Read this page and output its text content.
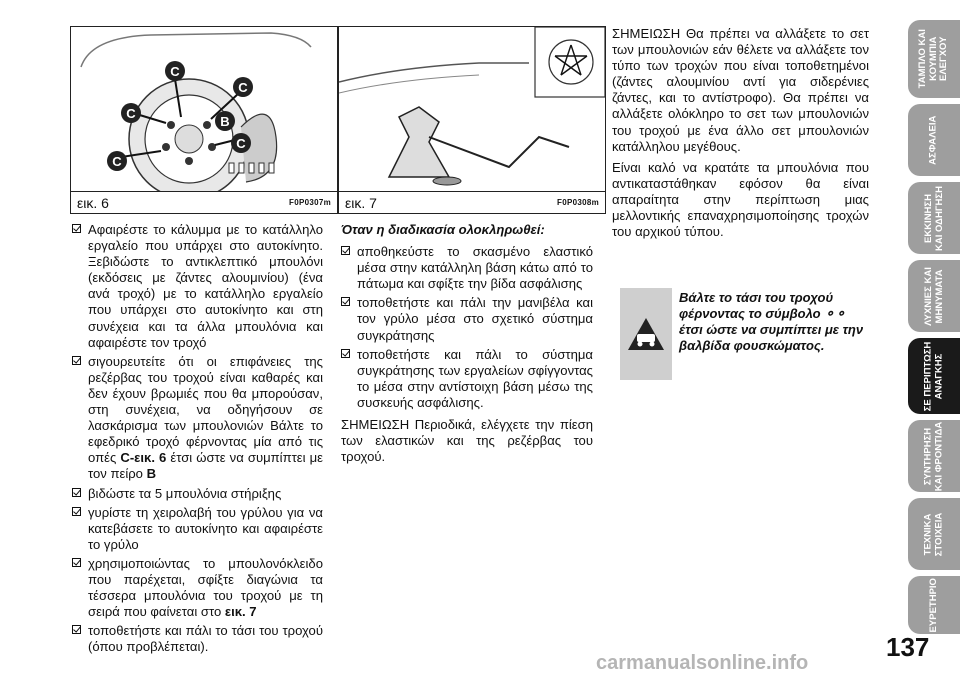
C
C
C
C
C
B
εικ. 6	F0P0307m εικ. 7	F0P0308m
Αφαιρέστε το κάλυμμα με το κατάλληλο εργαλείο που υπάρχει στο αυτοκίνητο. Ξεβιδώστε το αντικλεπτικό μπουλόνι (εκδόσεις με ζάντες αλουμινίου) (ένα ανά τροχό) με το κατάλληλο εργαλείο που υπάρχει στο αυτοκίνητο και στη συνέχεια και τα άλλα μπουλόνια και αφαιρέστε τον τροχό
σιγουρευτείτε ότι οι επιφάνειες της ρεζέρβας του τροχού είναι καθαρές και δεν έχουν βρωμιές που θα μπορούσαν, στη συνέχεια, να οδηγήσουν σε λασκάρισμα των μπουλονιών Βάλτε το εφεδρικό τροχό φέρνοντας μία από τις οπές C-εικ. 6 έτσι ώστε να συμπίπτει με τον πείρο B
βιδώστε τα 5 μπουλόνια στήριξης
γυρίστε τη χειρολαβή του γρύλου για να κατεβάσετε το αυτοκίνητο και αφαιρέστε το γρύλο
χρησιμοποιώντας το μπουλονόκλειδο που παρέχεται, σφίξτε διαγώνια τα τέσσερα μπουλόνια του τροχού με τη σειρά που φαίνεται στο εικ. 7
τοποθετήστε και πάλι το τάσι του τροχού (όπου προβλέπεται).
Όταν η διαδικασία ολοκληρωθεί:
αποθηκεύστε το σκασμένο ελαστικό μέσα στην κατάλληλη βάση κάτω από το πάτωμα και σφίξτε την βίδα ασφάλισης
τοποθετήστε και πάλι την μανιβέλα και τον γρύλο μέσα στο σχετικό σύστημα συγκράτησης
τοποθετήστε και πάλι το σύστημα συγκράτησης των εργαλείων σφίγγοντας το μέσα στην αντίστοιχη βάση μέσω της συσκευής ασφάλισης.

ΣΗΜΕΙΩΣΗ Περιοδικά, ελέγχετε την πίεση των ελαστικών και της ρεζέρβας του τροχού.

ΣΗΜΕΙΩΣΗ Θα πρέπει να αλλάξετε το σετ των μπουλονιών εάν θέλετε να αλλάξετε τον τύπο των τροχών που είναι τοποθετημένοι (ζάντες αλουμινίου αντί για σιδερένιες ζάντες, και το αντίστροφο). Θα πρέπει να αλλάξετε ολόκληρο το σετ των μπουλονιών του τροχού με ένα άλλο σετ μπουλονιών κατάλληλου μεγέθους.

Είναι καλό να κρατάτε τα μπουλόνια που αντικαταστάθηκαν εφόσον θα είναι απαραίτητα στην περίπτωση μιας μελλοντικής επαναχρησιμοποίησης τροχών του αρχικού τύπου.

Βάλτε το τάσι του τροχού φέρνοντας το σύμβολο ⚬⚬ έτσι ώστε να συμπίπτει με την βαλβίδα φουσκώματος.
ΤΑΜΠΛΟ ΚΑΙ ΚΟΥΜΠΙΑ ΕΛΕΓΧΟΥ
ΑΣΦΑΛΕΙΑ
ΕΚΚΙΝΗΣΗ ΚΑΙ ΟΔΗΓΗΣΗ
ΛΥΧΝΙΕΣ ΚΑΙ ΜΗΝΥΜΑΤΑ
ΣΕ ΠΕΡΙΠΤΩΣΗ ΑΝΑΓΚΗΣ
ΣΥΝΤΗΡΗΣΗ ΚΑΙ ΦΡΟΝΤΙΔΑ
ΤΕΧΝΙΚΑ ΣΤΟΙΧΕΙΑ
ΕΥΡΕΤΗΡΙΟ
137
carmanualsonline.info
